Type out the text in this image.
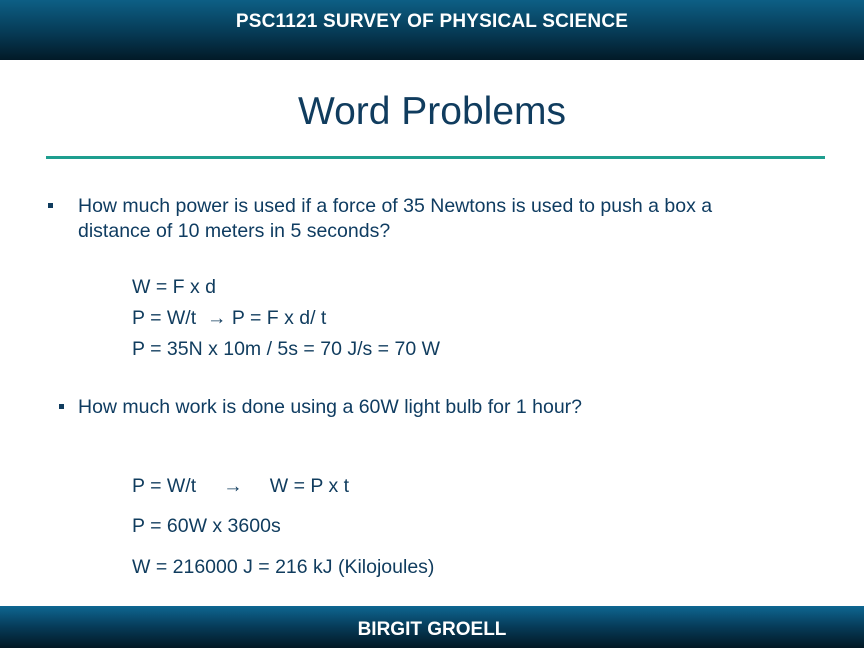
PSC1121 SURVEY OF PHYSICAL SCIENCE
Word Problems
How much power is used if a force of 35 Newtons is used to push a box a
distance of 10 meters in 5 seconds?
W = F x d
P = W/t  → P = F x d/ t
P = 35N x 10m / 5s = 70 J/s = 70 W
How much work is done using a 60W light bulb for 1 hour?
P = W/t     →     W = P x t
P = 60W x 3600s
W = 216000 J = 216 kJ (Kilojoules)
BIRGIT GROELL
